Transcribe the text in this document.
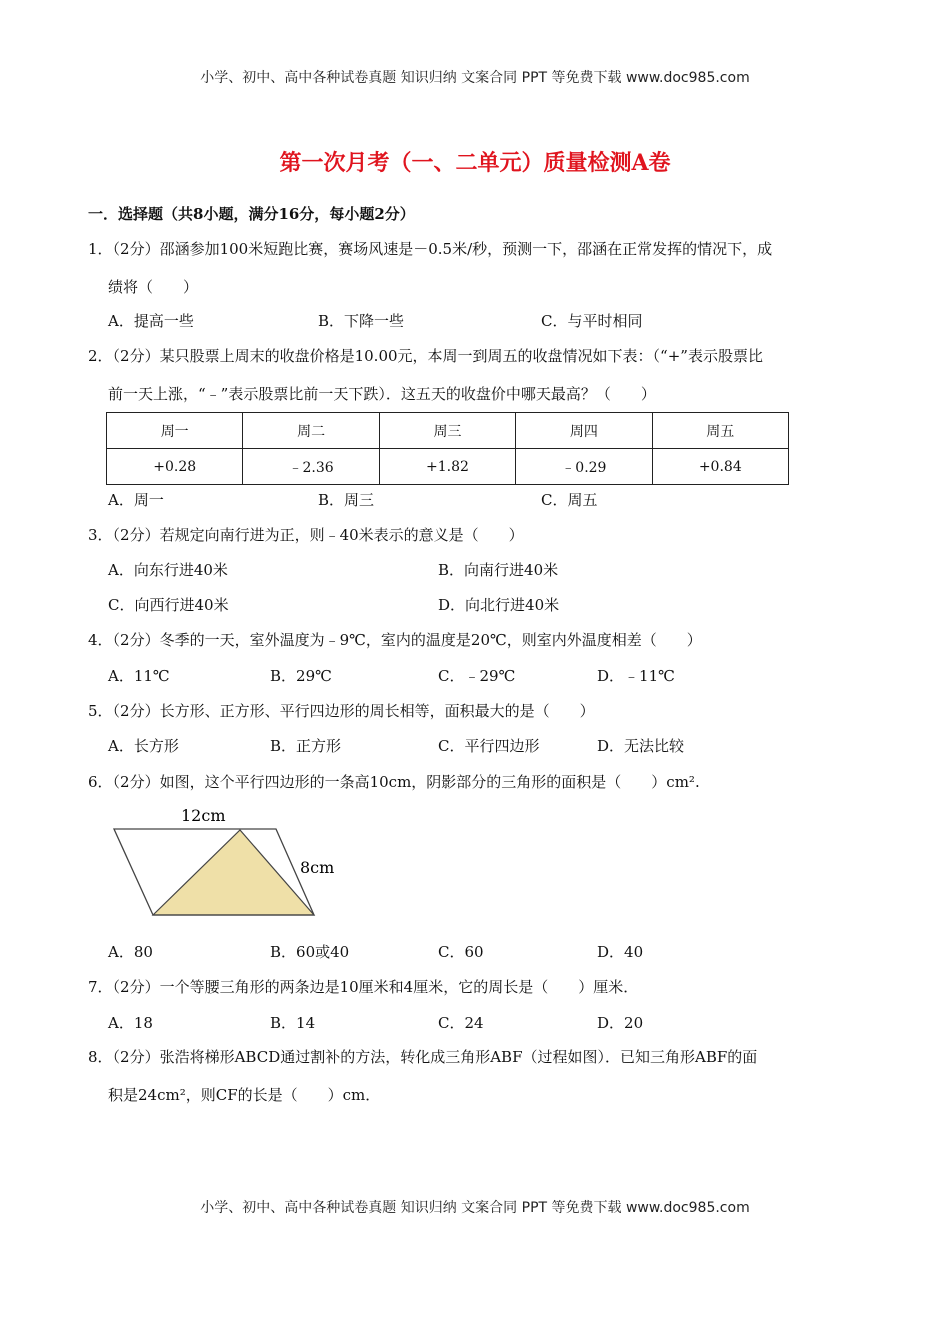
小学、初中、高中各种试卷真题 知识归纳 文案合同 PPT 等免费下载 www.doc985.com
第一次月考（一、二单元）质量检测A卷
一．选择题（共8小题，满分16分，每小题2分）
1．（2分）邵涵参加100米短跑比赛，赛场风速是－0.5米/秒，预测一下，邵涵在正常发挥的情况下，成
绩将（　　）
A．提高一些	B．下降一些	C．与平时相同
2．（2分）某只股票上周末的收盘价格是10.00元，本周一到周五的收盘情况如下表：（“+”表示股票比
前一天上涨，“﹣”表示股票比前一天下跌）．这五天的收盘价中哪天最高？（　　）
周一	周二	周三	周四	周五
+0.28	﹣2.36	+1.82	﹣0.29	+0.84
A．周一	B．周三	C．周五
3．（2分）若规定向南行进为正，则﹣40米表示的意义是（　　）
A．向东行进40米	B．向南行进40米
C．向西行进40米	D．向北行进40米
4．（2分）冬季的一天，室外温度为﹣9℃，室内的温度是20℃，则室内外温度相差（　　）
A．11℃	B．29℃	C．﹣29℃	D．﹣11℃
5．（2分）长方形、正方形、平行四边形的周长相等，面积最大的是（　　）
A．长方形	B．正方形	C．平行四边形	D．无法比较
6．（2分）如图，这个平行四边形的一条高10cm，阴影部分的三角形的面积是（　　）cm².
12cm
8cm
A．80	B．60或40	C．60	D．40
7．（2分）一个等腰三角形的两条边是10厘米和4厘米，它的周长是（　　）厘米．
A．18	B．14	C．24	D．20
8．（2分）张浩将梯形ABCD通过割补的方法，转化成三角形ABF（过程如图）．已知三角形ABF的面
积是24cm²，则CF的长是（　　）cm．
小学、初中、高中各种试卷真题 知识归纳 文案合同 PPT 等免费下载 www.doc985.com
